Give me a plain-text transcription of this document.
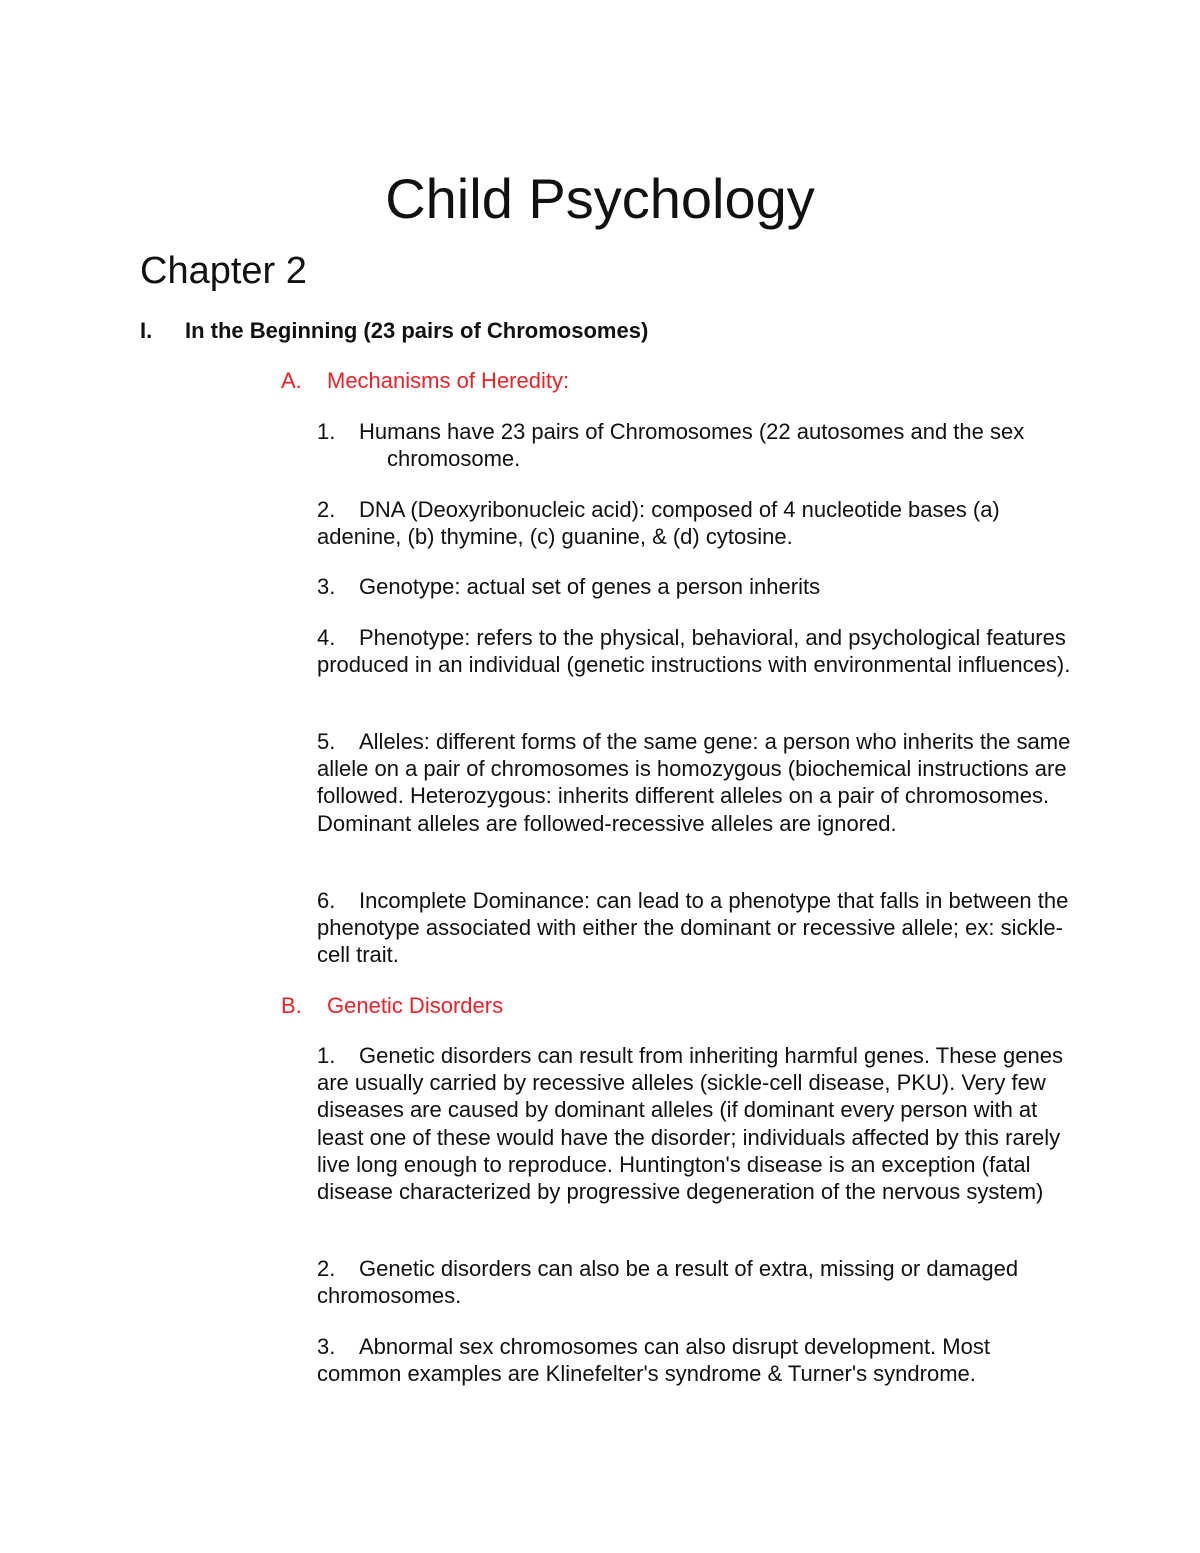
Child Psychology
Chapter 2
I. In the Beginning (23 pairs of Chromosomes)

A. Mechanisms of Heredity:

1. Humans have 23 pairs of Chromosomes (22 autosomes and the sexchromosome.

2. DNA (Deoxyribonucleic acid): composed of 4 nucleotide bases (a) adenine, (b) thymine, (c) guanine, & (d) cytosine.

3. Genotype: actual set of genes a person inherits

4. Phenotype: refers to the physical, behavioral, and psychological features produced in an individual (genetic instructions with environmental influences).

5. Alleles: different forms of the same gene: a person who inherits the same allele on a pair of chromosomes is homozygous (biochemical instructions are followed. Heterozygous: inherits different alleles on a pair of chromosomes. Dominant alleles are followed-recessive alleles are ignored.

6. Incomplete Dominance: can lead to a phenotype that falls in between the phenotype associated with either the dominant or recessive allele; ex: sickle-cell trait.

B. Genetic Disorders

1. Genetic disorders can result from inheriting harmful genes. These genes are usually carried by recessive alleles (sickle-cell disease, PKU). Very few diseases are caused by dominant alleles (if dominant every person with at least one of these would have the disorder; individuals affected by this rarely live long enough to reproduce. Huntington's disease is an exception (fatal disease characterized by progressive degeneration of the nervous system)

2. Genetic disorders can also be a result of extra, missing or damaged chromosomes.

3. Abnormal sex chromosomes can also disrupt development. Most common examples are Klinefelter's syndrome & Turner's syndrome.
